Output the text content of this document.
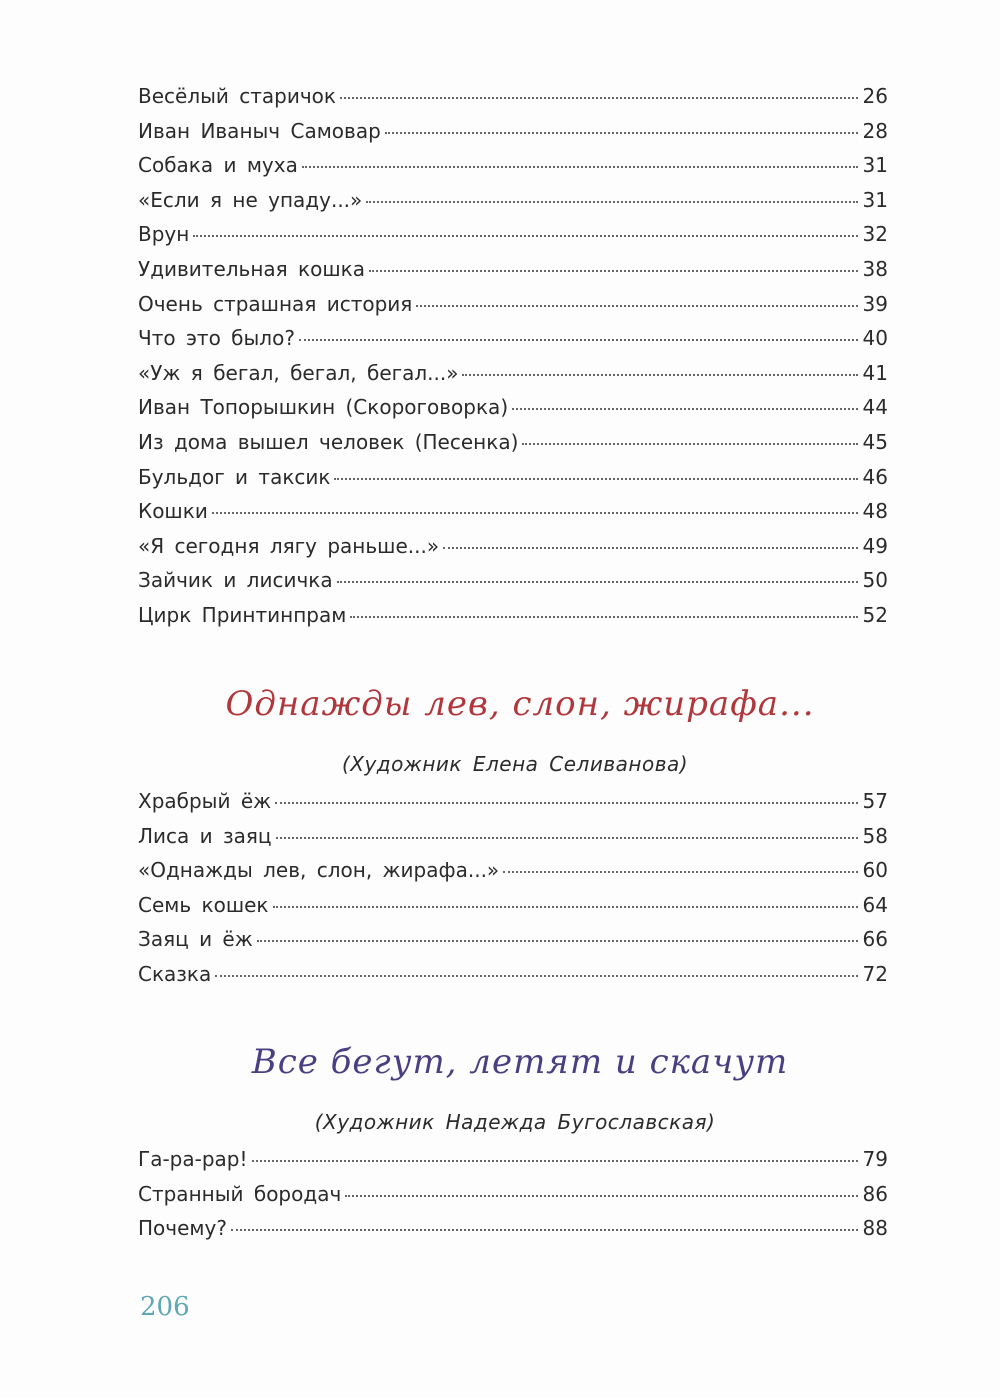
Весёлый старичок	26
Иван Иваныч Самовар	28
Собака и муха	31
«Если я не упаду...»	31
Врун	32
Удивительная кошка	38
Очень страшная история	39
Что это было?	40
«Уж я бегал, бегал, бегал...»	41
Иван Топорышкин (Скороговорка)	44
Из дома вышел человек (Песенка)	45
Бульдог и таксик	46
Кошки	48
«Я сегодня лягу раньше...»	49
Зайчик и лисичка	50
Цирк Принтинпрам	52
Однажды лев, слон, жирафа...
(Художник Елена Селиванова)
Храбрый ёж	57
Лиса и заяц	58
«Однажды лев, слон, жирафа...»	60
Семь кошек	64
Заяц и ёж	66
Сказка	72
Все бегут, летят и скачут
(Художник Надежда Бугославская)
Га-ра-рар!	79
Странный бородач	86
Почему?	88
206
